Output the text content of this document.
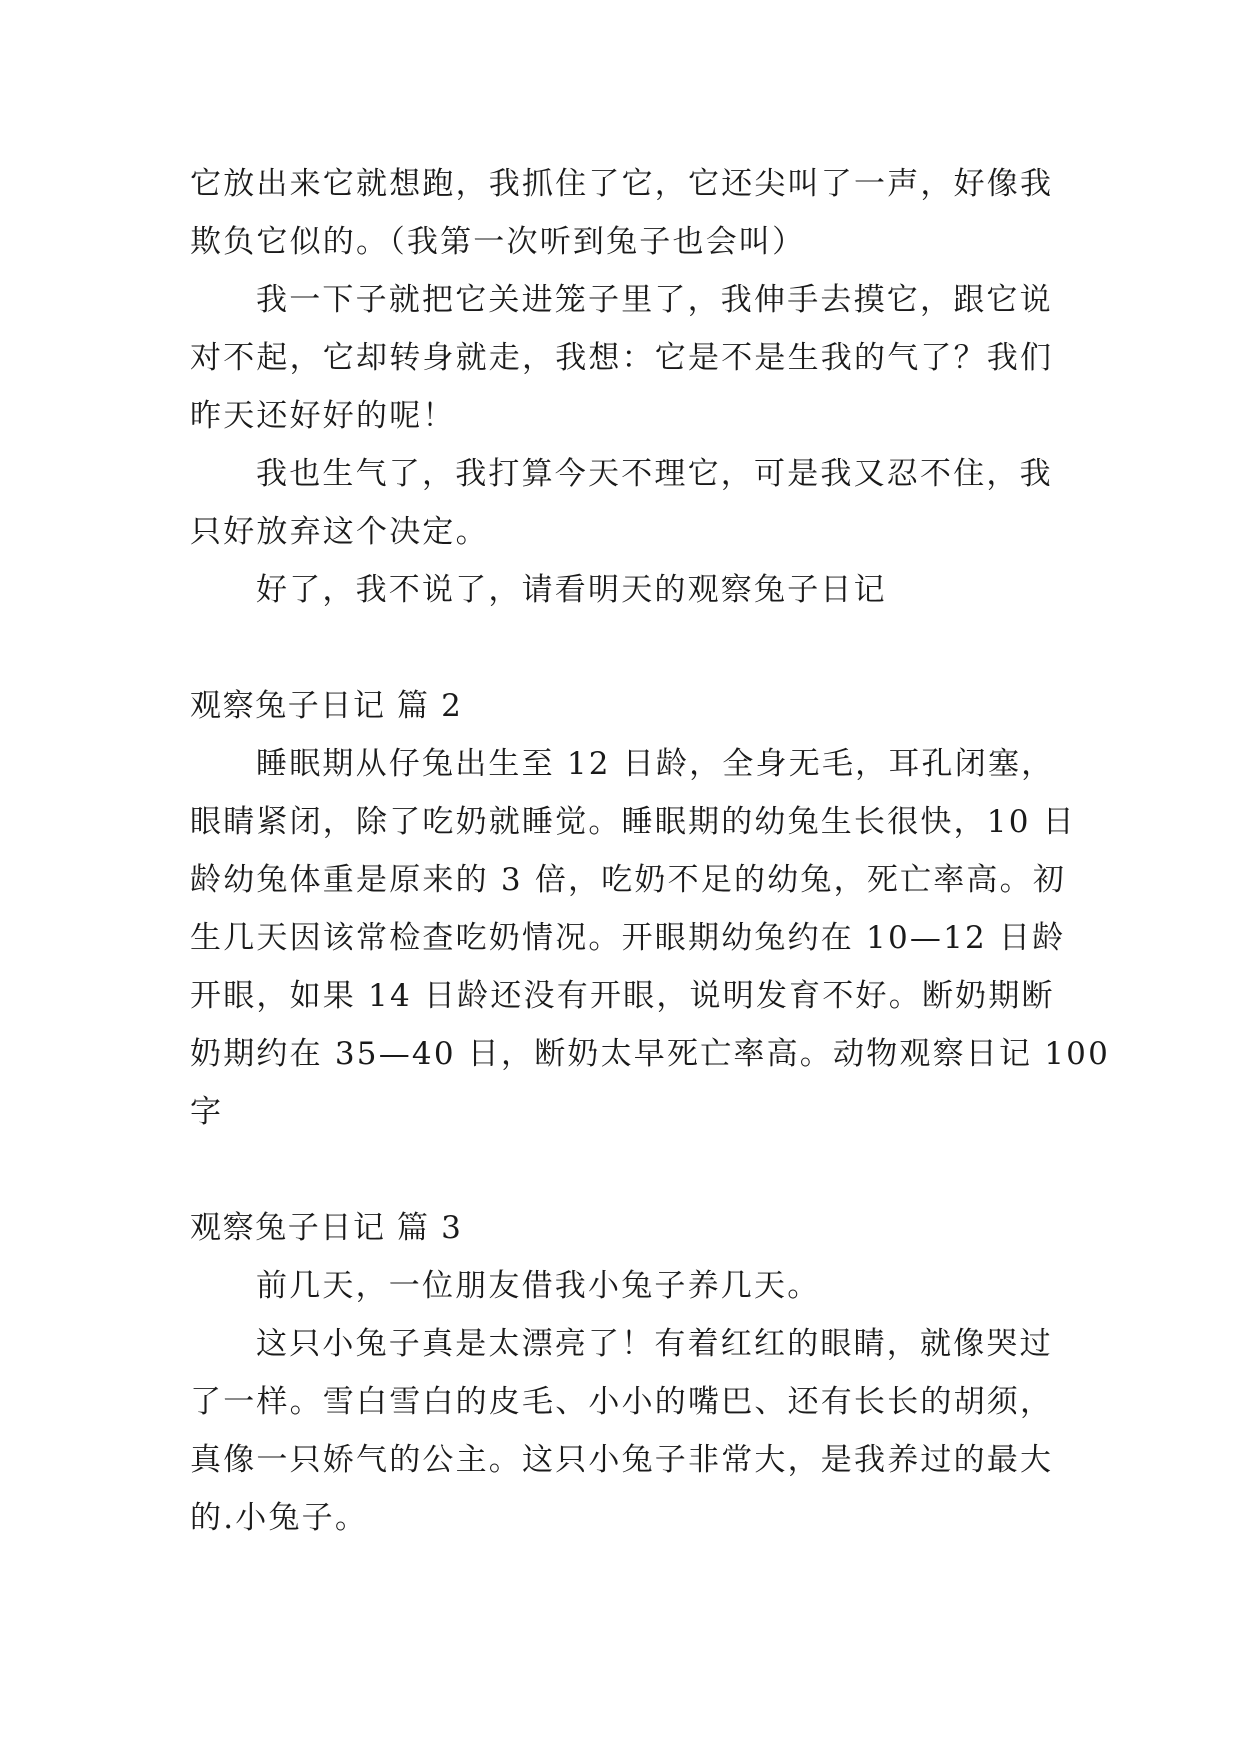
它放出来它就想跑，我抓住了它，它还尖叫了一声，好像我
欺负它似的。（我第一次听到兔子也会叫）
我一下子就把它关进笼子里了，我伸手去摸它，跟它说
对不起，它却转身就走，我想：它是不是生我的气了？我们
昨天还好好的呢！
我也生气了，我打算今天不理它，可是我又忍不住，我
只好放弃这个决定。
好了，我不说了，请看明天的观察兔子日记
观察兔子日记 篇 2
睡眠期从仔兔出生至 12 日龄，全身无毛，耳孔闭塞，
眼睛紧闭，除了吃奶就睡觉。睡眠期的幼兔生长很快，10 日
龄幼兔体重是原来的 3 倍，吃奶不足的幼兔，死亡率高。初
生几天因该常检查吃奶情况。开眼期幼兔约在 10—12 日龄
开眼，如果 14 日龄还没有开眼，说明发育不好。断奶期断
奶期约在 35—40 日，断奶太早死亡率高。动物观察日记 100
字
观察兔子日记 篇 3
前几天，一位朋友借我小兔子养几天。
这只小兔子真是太漂亮了！有着红红的眼睛，就像哭过
了一样。雪白雪白的皮毛、小小的嘴巴、还有长长的胡须，
真像一只娇气的公主。这只小兔子非常大，是我养过的最大
的.小兔子。
